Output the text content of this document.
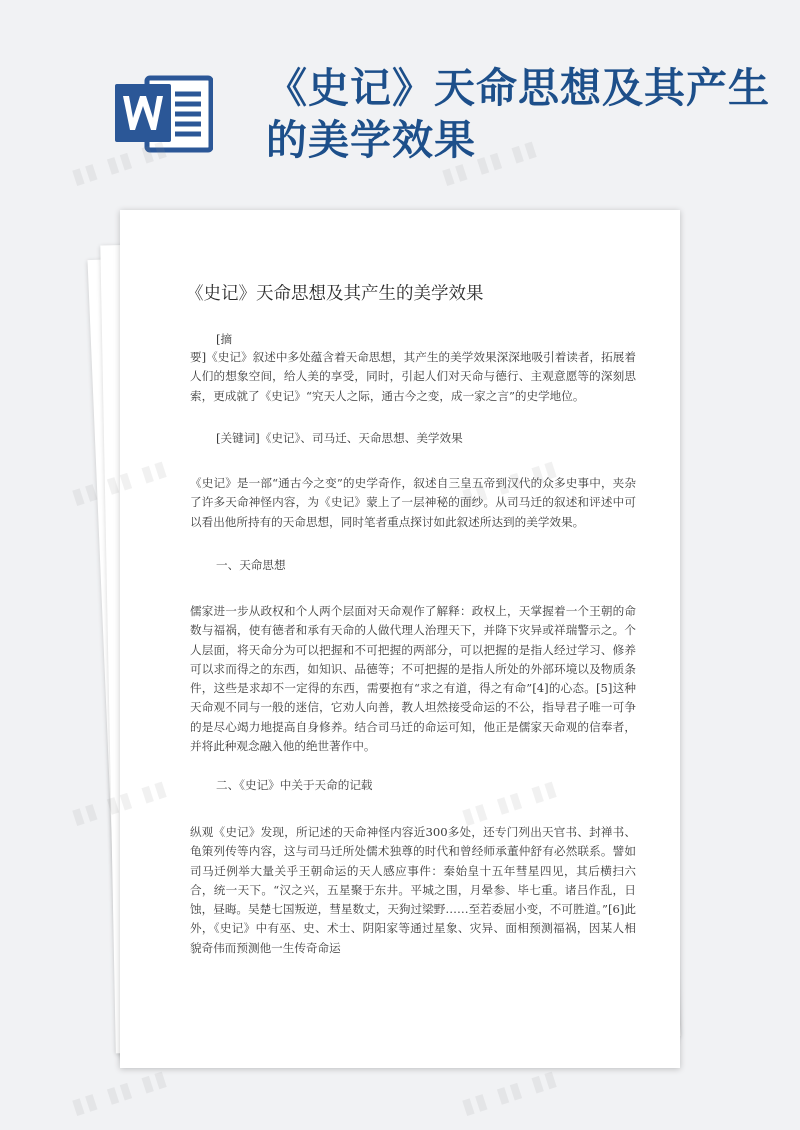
《史记》天命思想及其产生的美学效果
《史记》天命思想及其产生的美学效果
[摘
要]《史记》叙述中多处蕴含着天命思想，其产生的美学效果深深地吸引着读者，拓展着人们的想象空间，给人美的享受，同时，引起人们对天命与德行、主观意愿等的深刻思索，更成就了《史记》“究天人之际，通古今之变，成一家之言”的史学地位。
[关键词]《史记》、司马迁、天命思想、美学效果
《史记》是一部“通古今之变”的史学奇作，叙述自三皇五帝到汉代的众多史事中，夹杂了许多天命神怪内容，为《史记》蒙上了一层神秘的面纱。从司马迁的叙述和评述中可以看出他所持有的天命思想，同时笔者重点探讨如此叙述所达到的美学效果。
一、天命思想
儒家进一步从政权和个人两个层面对天命观作了解释：政权上，天掌握着一个王朝的命数与福祸，使有德者和承有天命的人做代理人治理天下，并降下灾异或祥瑞警示之。个人层面，将天命分为可以把握和不可把握的两部分，可以把握的是指人经过学习、修养可以求而得之的东西，如知识、品德等；不可把握的是指人所处的外部环境以及物质条件，这些是求却不一定得的东西，需要抱有“求之有道，得之有命”[4]的心态。[5]这种天命观不同与一般的迷信，它劝人向善，教人坦然接受命运的不公，指导君子唯一可争的是尽心竭力地提高自身修养。结合司马迁的命运可知，他正是儒家天命观的信奉者，并将此种观念融入他的绝世著作中。
二、《史记》中关于天命的记载
纵观《史记》发现，所记述的天命神怪内容近300多处，还专门列出天官书、封禅书、龟策列传等内容，这与司马迁所处儒术独尊的时代和曾经师承董仲舒有必然联系。譬如司马迁例举大量关乎王朝命运的天人感应事件：秦始皇十五年彗星四见，其后横扫六合，统一天下。“汉之兴，五星聚于东井。平城之围，月晕参、毕七重。诸吕作乱，日蚀，昼晦。吴楚七国叛逆，彗星数丈，天狗过梁野……至若委屈小变，不可胜道。”[6]此外，《史记》中有巫、史、术士、阴阳家等通过星象、灾异、面相预测福祸，因某人相貌奇伟而预测他一生传奇命运
▮▮ ▮▮ ▮▮	▮▮ ▮▮ ▮▮
▮▮
▮▮
▮▮ ▮▮ ▮▮	▮▮ ▮▮ ▮▮
